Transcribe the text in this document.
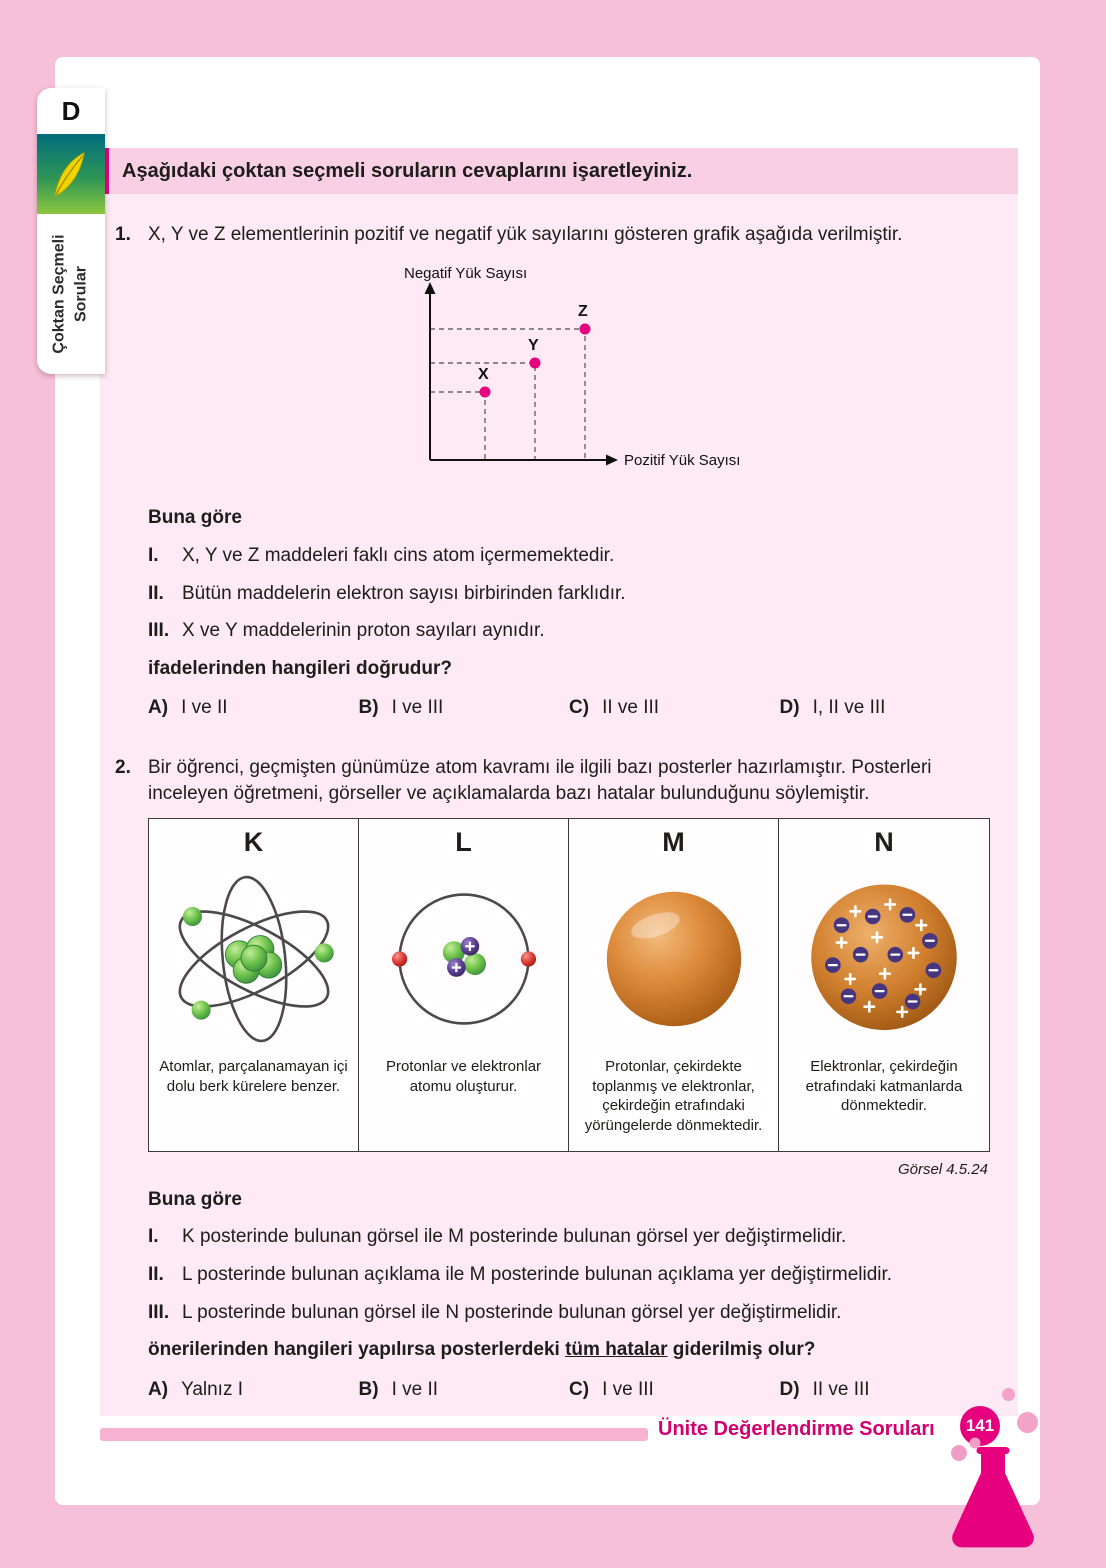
Aşağıdaki çoktan seçmeli soruların cevaplarını işaretleyiniz.
1. X, Y ve Z elementlerinin pozitif ve negatif yük sayılarını gösteren grafik aşağıda verilmiştir.
Negatif Yük Sayısı
Pozitif Yük Sayısı
X
Y
Z
Buna göre
I.	X, Y ve Z maddeleri faklı cins atom içermemektedir.
II. Bütün maddelerin elektron sayısı birbirinden farklıdır.
III. X ve Y maddelerinin proton sayıları aynıdır.
ifadelerinden hangileri doğrudur?
A) I ve II	B) I ve III	C) II ve III	D) I, II ve III
2. Bir öğrenci, geçmişten günümüze atom kavramı ile ilgili bazı posterler hazırlamıştır. Posterleri inceleyen öğretmeni, görseller ve açıklamalarda bazı hatalar bulunduğunu söylemiştir.
K
Atomlar, parçalanamayan içi dolu berk kürelere benzer.
L
Protonlar ve elektronlar atomu oluşturur.
M
Protonlar, çekirdekte toplanmış ve elektronlar, çekirdeğin etrafındaki yörüngelerde dönmektedir.
N
Elektronlar, çekirdeğin etrafındaki katmanlarda dönmektedir.
Görsel 4.5.24
Buna göre
I.	K posterinde bulunan görsel ile M posterinde bulunan görsel yer değiştirmelidir.
II. L posterinde bulunan açıklama ile M posterinde bulunan açıklama yer değiştirmelidir.
III. L posterinde bulunan görsel ile N posterinde bulunan görsel yer değiştirmelidir.
önerilerinden hangileri yapılırsa posterlerdeki tüm hatalar giderilmiş olur?
A) Yalnız I	B) I ve II	C) I ve III	D) II ve III
Ünite Değerlendirme Soruları	141
D
Çoktan Seçmeli Sorular
